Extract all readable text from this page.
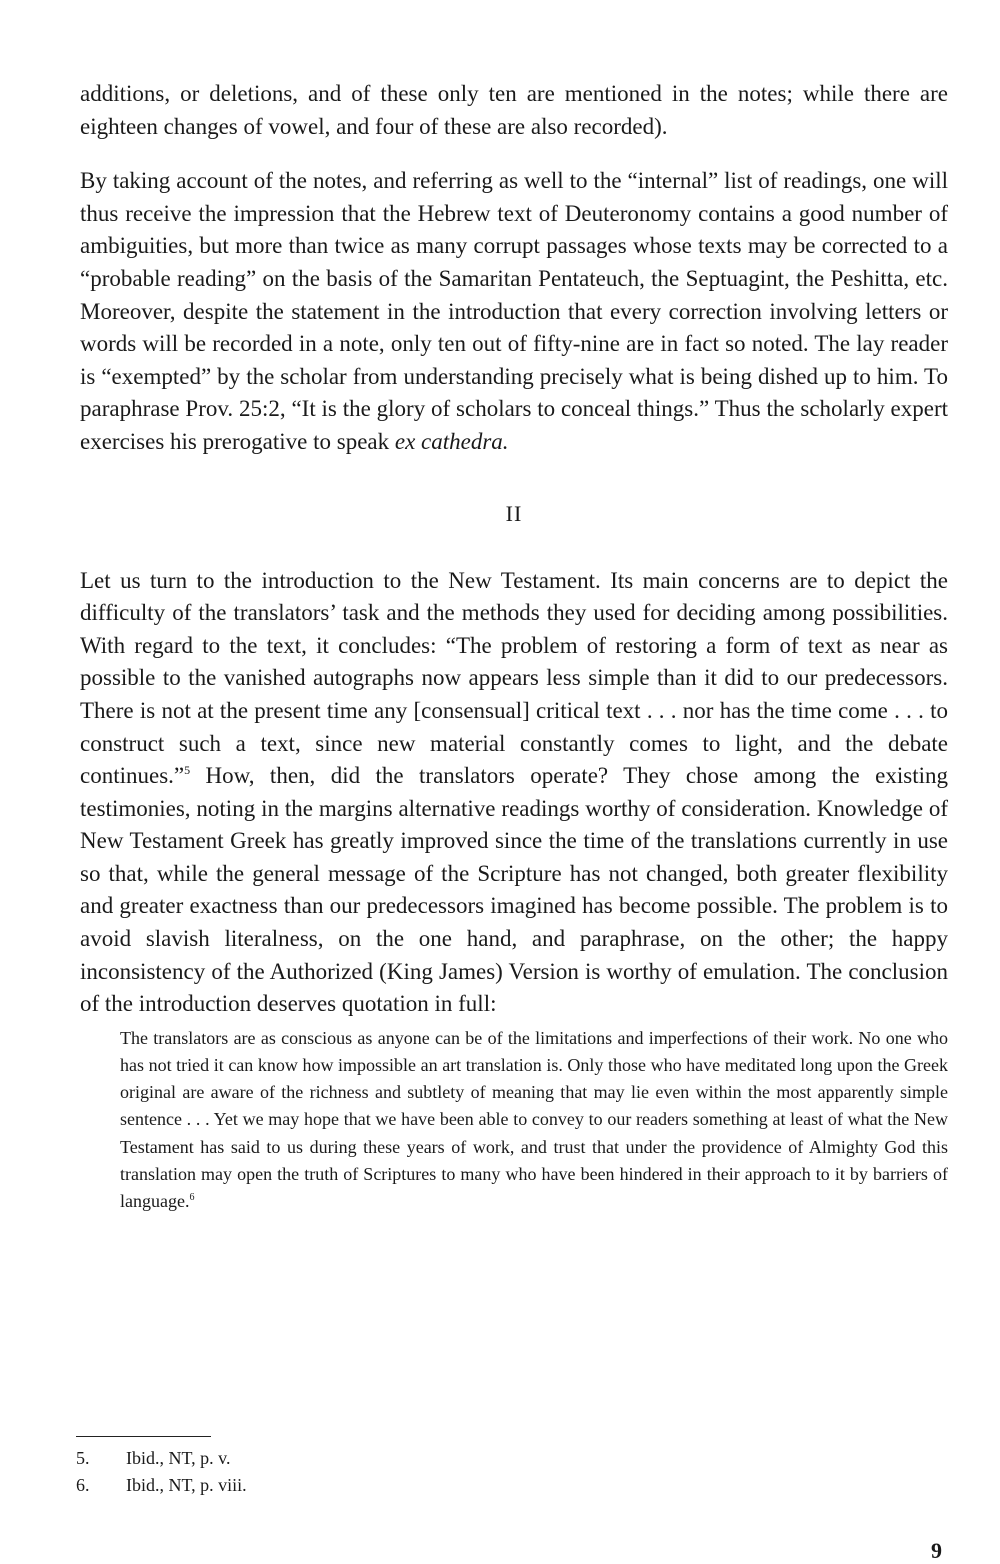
additions, or deletions, and of these only ten are mentioned in the notes; while there are eighteen changes of vowel, and four of these are also recorded).

By taking account of the notes, and referring as well to the “internal” list of readings, one will thus receive the impression that the Hebrew text of Deuteronomy contains a good number of ambiguities, but more than twice as many corrupt passages whose texts may be corrected to a “probable reading” on the basis of the Samaritan Pentateuch, the Septuagint, the Peshitta, etc. Moreover, despite the statement in the introduction that every correction involving letters or words will be recorded in a note, only ten out of fifty-nine are in fact so noted. The lay reader is “exempted” by the scholar from understanding precisely what is being dished up to him. To paraphrase Prov. 25:2, “It is the glory of scholars to conceal things.” Thus the scholarly expert exercises his prerogative to speak ex cathedra.

II

Let us turn to the introduction to the New Testament. Its main concerns are to depict the difficulty of the translators’ task and the methods they used for deciding among possibilities. With regard to the text, it concludes: “The problem of restoring a form of text as near as possible to the vanished autographs now appears less simple than it did to our predecessors. There is not at the present time any [consensual] critical text . . . nor has the time come . . . to construct such a text, since new material constantly comes to light, and the debate continues.”$^5$ How, then, did the translators operate? They chose among the existing testimonies, noting in the margins alternative readings worthy of consideration. Knowledge of New Testament Greek has greatly improved since the time of the translations currently in use so that, while the general message of the Scripture has not changed, both greater flexibility and greater exactness than our predecessors imagined has become possible. The problem is to avoid slavish literalness, on the one hand, and paraphrase, on the other; the happy inconsistency of the Authorized (King James) Version is worthy of emulation. The conclusion of the introduction deserves quotation in full:

The translators are as conscious as anyone can be of the limitations and imperfections of their work. No one who has not tried it can know how impossible an art translation is. Only those who have meditated long upon the Greek original are aware of the richness and subtlety of meaning that may lie even within the most apparently simple sentence . . . Yet we may hope that we have been able to convey to our readers something at least of what the New Testament has said to us during these years of work, and trust that under the providence of Almighty God this translation may open the truth of Scriptures to many who have been hindered in their approach to it by barriers of language.$^6$

5.	Ibid., NT, p. v.
6.	Ibid., NT, p. viii.
9
